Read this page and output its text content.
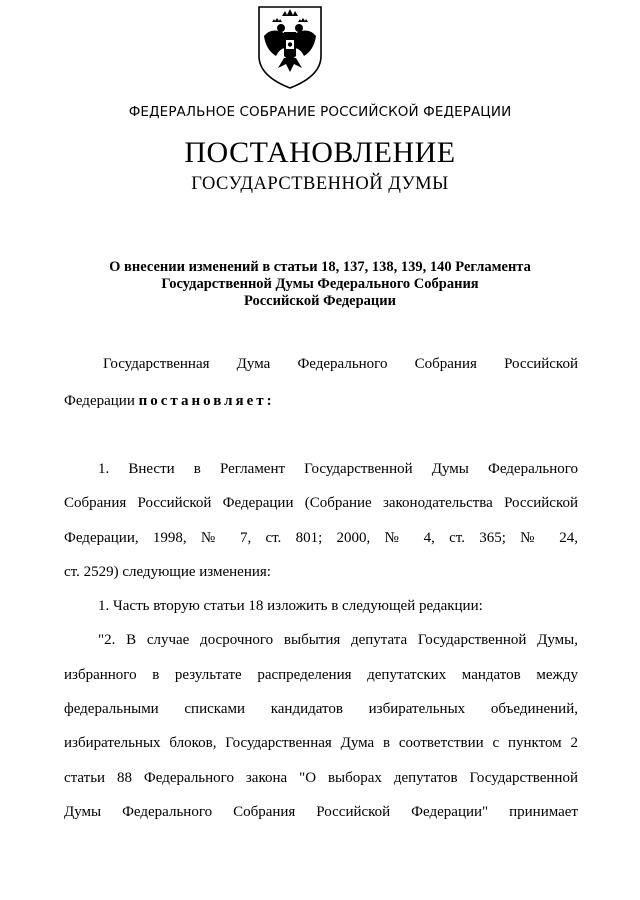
ФЕДЕРАЛЬНОЕ СОБРАНИЕ РОССИЙСКОЙ ФЕДЕРАЦИИ
ПОСТАНОВЛЕНИЕ
ГОСУДАРСТВЕННОЙ ДУМЫ
О внесении изменений в статьи 18, 137, 138, 139, 140 Регламента
Государственной Думы Федерального Собрания
Российской Федерации
Государственная Дума Федерального Собрания Российской
Федерации постановляет:
1. Внести в Регламент Государственной Думы Федерального
Собрания Российской Федерации (Собрание законодательства Российской
Федерации, 1998, № 7, ст. 801; 2000, № 4, ст. 365; № 24,
ст. 2529) следующие изменения:
1. Часть вторую статьи 18 изложить в следующей редакции:
"2. В случае досрочного выбытия депутата Государственной Думы,
избранного в результате распределения депутатских мандатов между
федеральными списками кандидатов избирательных объединений,
избирательных блоков, Государственная Дума в соответствии с пунктом 2
статьи 88 Федерального закона "О выборах депутатов Государственной
Думы Федерального Собрания Российской Федерации" принимает
